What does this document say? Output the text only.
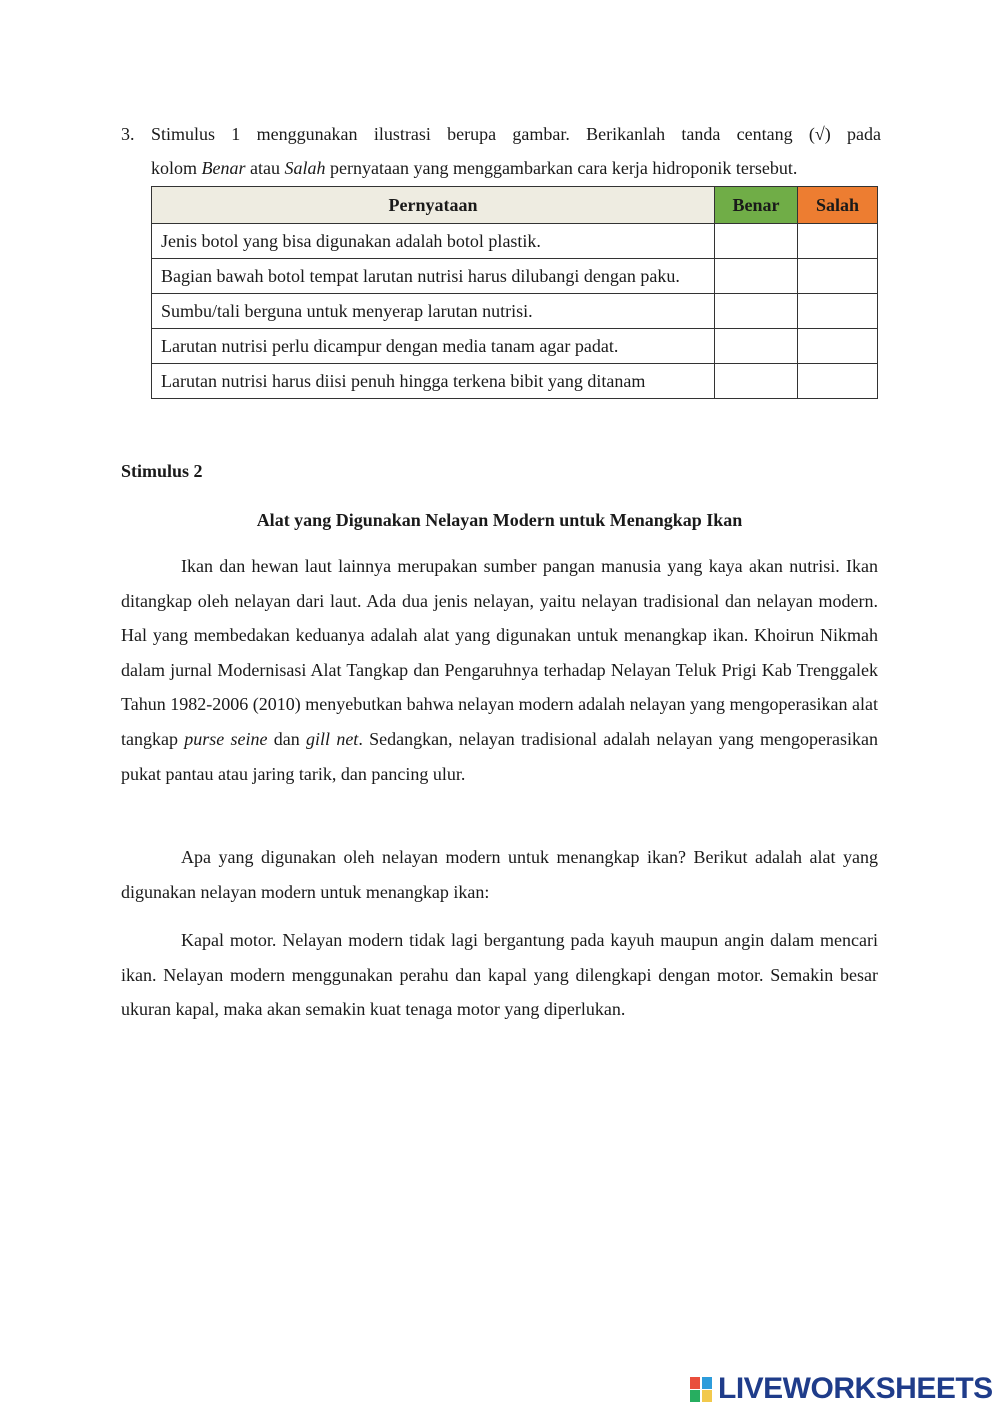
3. Stimulus 1 menggunakan ilustrasi berupa gambar. Berikanlah tanda centang (√) pada
kolom Benar atau Salah pernyataan yang menggambarkan cara kerja hidroponik tersebut.
Pernyataan	Benar	Salah
Jenis botol yang bisa digunakan adalah botol plastik.		
Bagian bawah botol tempat larutan nutrisi harus dilubangi dengan paku.		
Sumbu/tali berguna untuk menyerap larutan nutrisi.		
Larutan nutrisi perlu dicampur dengan media tanam agar padat.		
Larutan nutrisi harus diisi penuh hingga terkena bibit yang ditanam		
Stimulus 2
Alat yang Digunakan Nelayan Modern untuk Menangkap Ikan

Ikan dan hewan laut lainnya merupakan sumber pangan manusia yang kaya akan nutrisi. Ikan ditangkap oleh nelayan dari laut. Ada dua jenis nelayan, yaitu nelayan tradisional dan nelayan modern. Hal yang membedakan keduanya adalah alat yang digunakan untuk menangkap ikan. Khoirun Nikmah dalam jurnal Modernisasi Alat Tangkap dan Pengaruhnya terhadap Nelayan Teluk Prigi Kab Trenggalek Tahun 1982-2006 (2010) menyebutkan bahwa nelayan modern adalah nelayan yang mengoperasikan alat tangkap purse seine dan gill net. Sedangkan, nelayan tradisional adalah nelayan yang mengoperasikan pukat pantau atau jaring tarik, dan pancing ulur.

Apa yang digunakan oleh nelayan modern untuk menangkap ikan? Berikut adalah alat yang digunakan nelayan modern untuk menangkap ikan:

Kapal motor. Nelayan modern tidak lagi bergantung pada kayuh maupun angin dalam mencari ikan. Nelayan modern menggunakan perahu dan kapal yang dilengkapi dengan motor. Semakin besar ukuran kapal, maka akan semakin kuat tenaga motor yang diperlukan.

LIVEWORKSHEETS
